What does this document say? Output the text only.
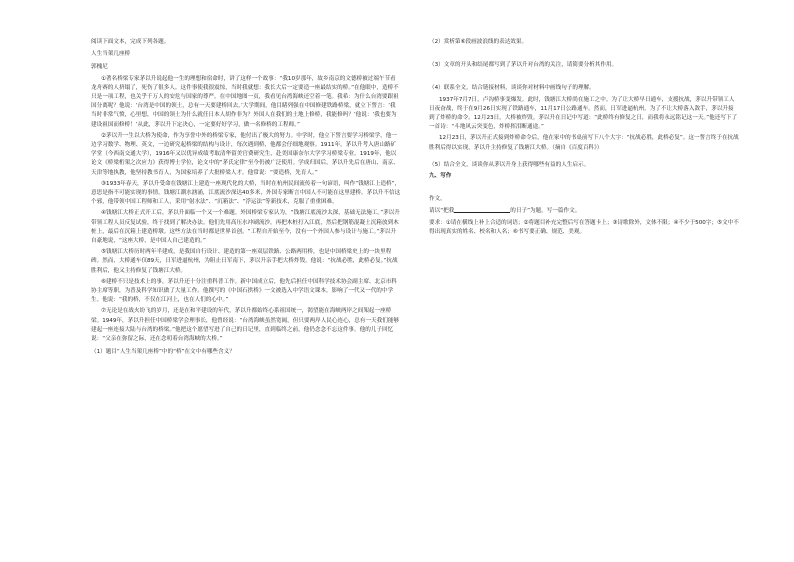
阅读下面文本，完成下列各题。

人生当架几座桥

郭槐尼

①著名桥梁专家茅以升说起他一生的理想和宿命时，讲了这样一个故事：“我10岁那年，故乡南京的文德桥被过端午节看龙舟赛的人挤塌了，死伤了很多人。这件事使我很震惊，当时我就想：我长大后一定要造一座最结实的桥。”在他眼中，造桥不只是一项工程，也关乎千万人的安危与国家的尊严。在中国地图一页，我看见台湾海峡还空着一笔。我希：为什么台湾要跟祖国分离呢？他说：‘台湾是中国的领土，总有一天要建桥回去。’大学期间，他目睹列强在中国修建铁路桥梁，就立下誓言：‘我当时非常气愤，心里想，中国的领土为什么就任日本人胡作非为？外国人在我们的土地上修桥，我能修吗？’他说：‘我也要为建设祖国而修桥！’从此，茅以升下定决心，一定要好好学习，做一名修桥的工程师。”

②茅以升一生以大桥为使命，作为享誉中外的桥梁专家，他付出了极大的努力。中学时，他立下誓言要学习桥梁学，他一边学习数学、物理、英文，一边研究起桥梁的结构与设计，每次遇到桥，他都会仔细地观察。1911年，茅以升考入唐山路矿学堂（今西南交通大学），1916年又以优异成绩考取清华留美官费研究生，赴美国康奈尔大学学习桥梁专业。1919年，他以论文《桥梁桁架之次应力》获得博士学位，论文中的“茅氏定律”至今仍被广泛使用。学成归国后，茅以升先后在唐山、南京、天津等地执教，他坚持教书育人，为国家培养了大批桥梁人才。他常说：“要造桥，先育人。”

③1933年春天，茅以升受命在钱塘江上建造一座现代化的大桥，当时在杭州民间流传着一句谚语，叫作“钱塘江上造桥”，意思是指不可能实现的事情。钱塘江潮水汹涌，江底流沙深达40多米，外国专家断言中国人不可能在这里建桥。茅以升不信这个邪，他带领中国工程师和工人，采用“射水法”、“沉箱法”、“浮运法”等新技术，克服了重重困难。

④钱塘江大桥正式开工后，茅以升面临一个又一个难题。外国桥梁专家认为，“钱塘江底流沙太深，基础无法施工。”茅以升带领工程人员反复试验，终于找到了解决办法。他们先用高压水冲刷流沙，再把木桩打入江底，然后把钢筋混凝土沉箱放到木桩上，最后在沉箱上建造桥墩。这些方法在当时都是世界首创。“工程自开始至今，没有一个外国人参与设计与施工。”茅以升自豪地说，“这座大桥，是中国人自己建造的。”

⑤钱塘江大桥历时两年半建成，是我国自行设计、建造的第一座双层铁路、公路两用桥，也是中国桥梁史上的一块里程碑。然而，大桥通车仅89天，日军进逼杭州，为阻止日军南下，茅以升亲手把大桥炸毁。他说：“抗战必胜，此桥必复。”抗战胜利后，他又主持修复了钱塘江大桥。

⑥建桥不只是技术上的事，茅以升还十分注重科普工作。新中国成立后，他先后担任中国科学技术协会副主席、北京市科协主席等职，为普及科学知识做了大量工作。他撰写的《中国石拱桥》一文被选入中学语文课本，影响了一代又一代的中学生。他说：“我的桥，不仅在江河上，也在人们的心中。”

⑦无论是在战火纷飞的岁月，还是在和平建设的年代，茅以升都始终心系祖国统一，渴望能在海峡两岸之间架起一座桥梁。1949年，茅以升担任中国桥梁学会理事长，他曾经说：“台湾海峡虽然宽阔，但只要两岸人民心连心，总有一天我们能够建起一座连接大陆与台湾的桥梁。”他把这个愿望写进了自己的日记里，直到临终之前，他仍念念不忘这件事。他的儿子回忆说：“父亲在弥留之际，还在念叨着台湾海峡的大桥。”

（1）题目“人生当架几座桥”中的“桥”在文中有哪些含义？

（2）赏析第⑥段画波浪线的表达效果。

（3）文章的开头和结尾都写到了茅以升对台湾的关注，请简要分析其作用。

（4）联系全文，结合链接材料，谈谈你对材料中画线句子的理解。

1937年7月7日，卢沟桥事变爆发。此时，钱塘江大桥尚在施工之中。为了让大桥早日通车，支援抗战，茅以升带领工人日夜奋战，终于在9月26日实现了铁路通车，11月17日公路通车。然而，日军进逼杭州，为了不让大桥落入敌手，茅以升接到了炸桥的命令。12月23日，大桥被炸毁。茅以升在日记中写道：“此桥终有修复之日，而我将永远铭记这一天。”他还写下了一首诗：“斗地风云突变色，炸桥挥泪断通途。”

12月23日，茅以升正式接到炸桥命令后，他在家中的书桌前写下八个大字：“抗战必胜，此桥必复”。这一誓言终于在抗战胜利后得以实现，茅以升主持修复了钱塘江大桥。（摘自《百度百科》）

（5）结合全文，谈谈你从茅以升身上获得哪些有益的人生启示。

九、写作

作文。

请以“把我	的日子”为题，写一篇作文。

要求：①请在横线上补上合适的词语；②将题目补充完整后写在答题卡上；③诗歌除外，文体不限；④不少于500字；⑤文中不得出现真实的姓名、校名和人名；⑥书写要正确、规范、美观。
